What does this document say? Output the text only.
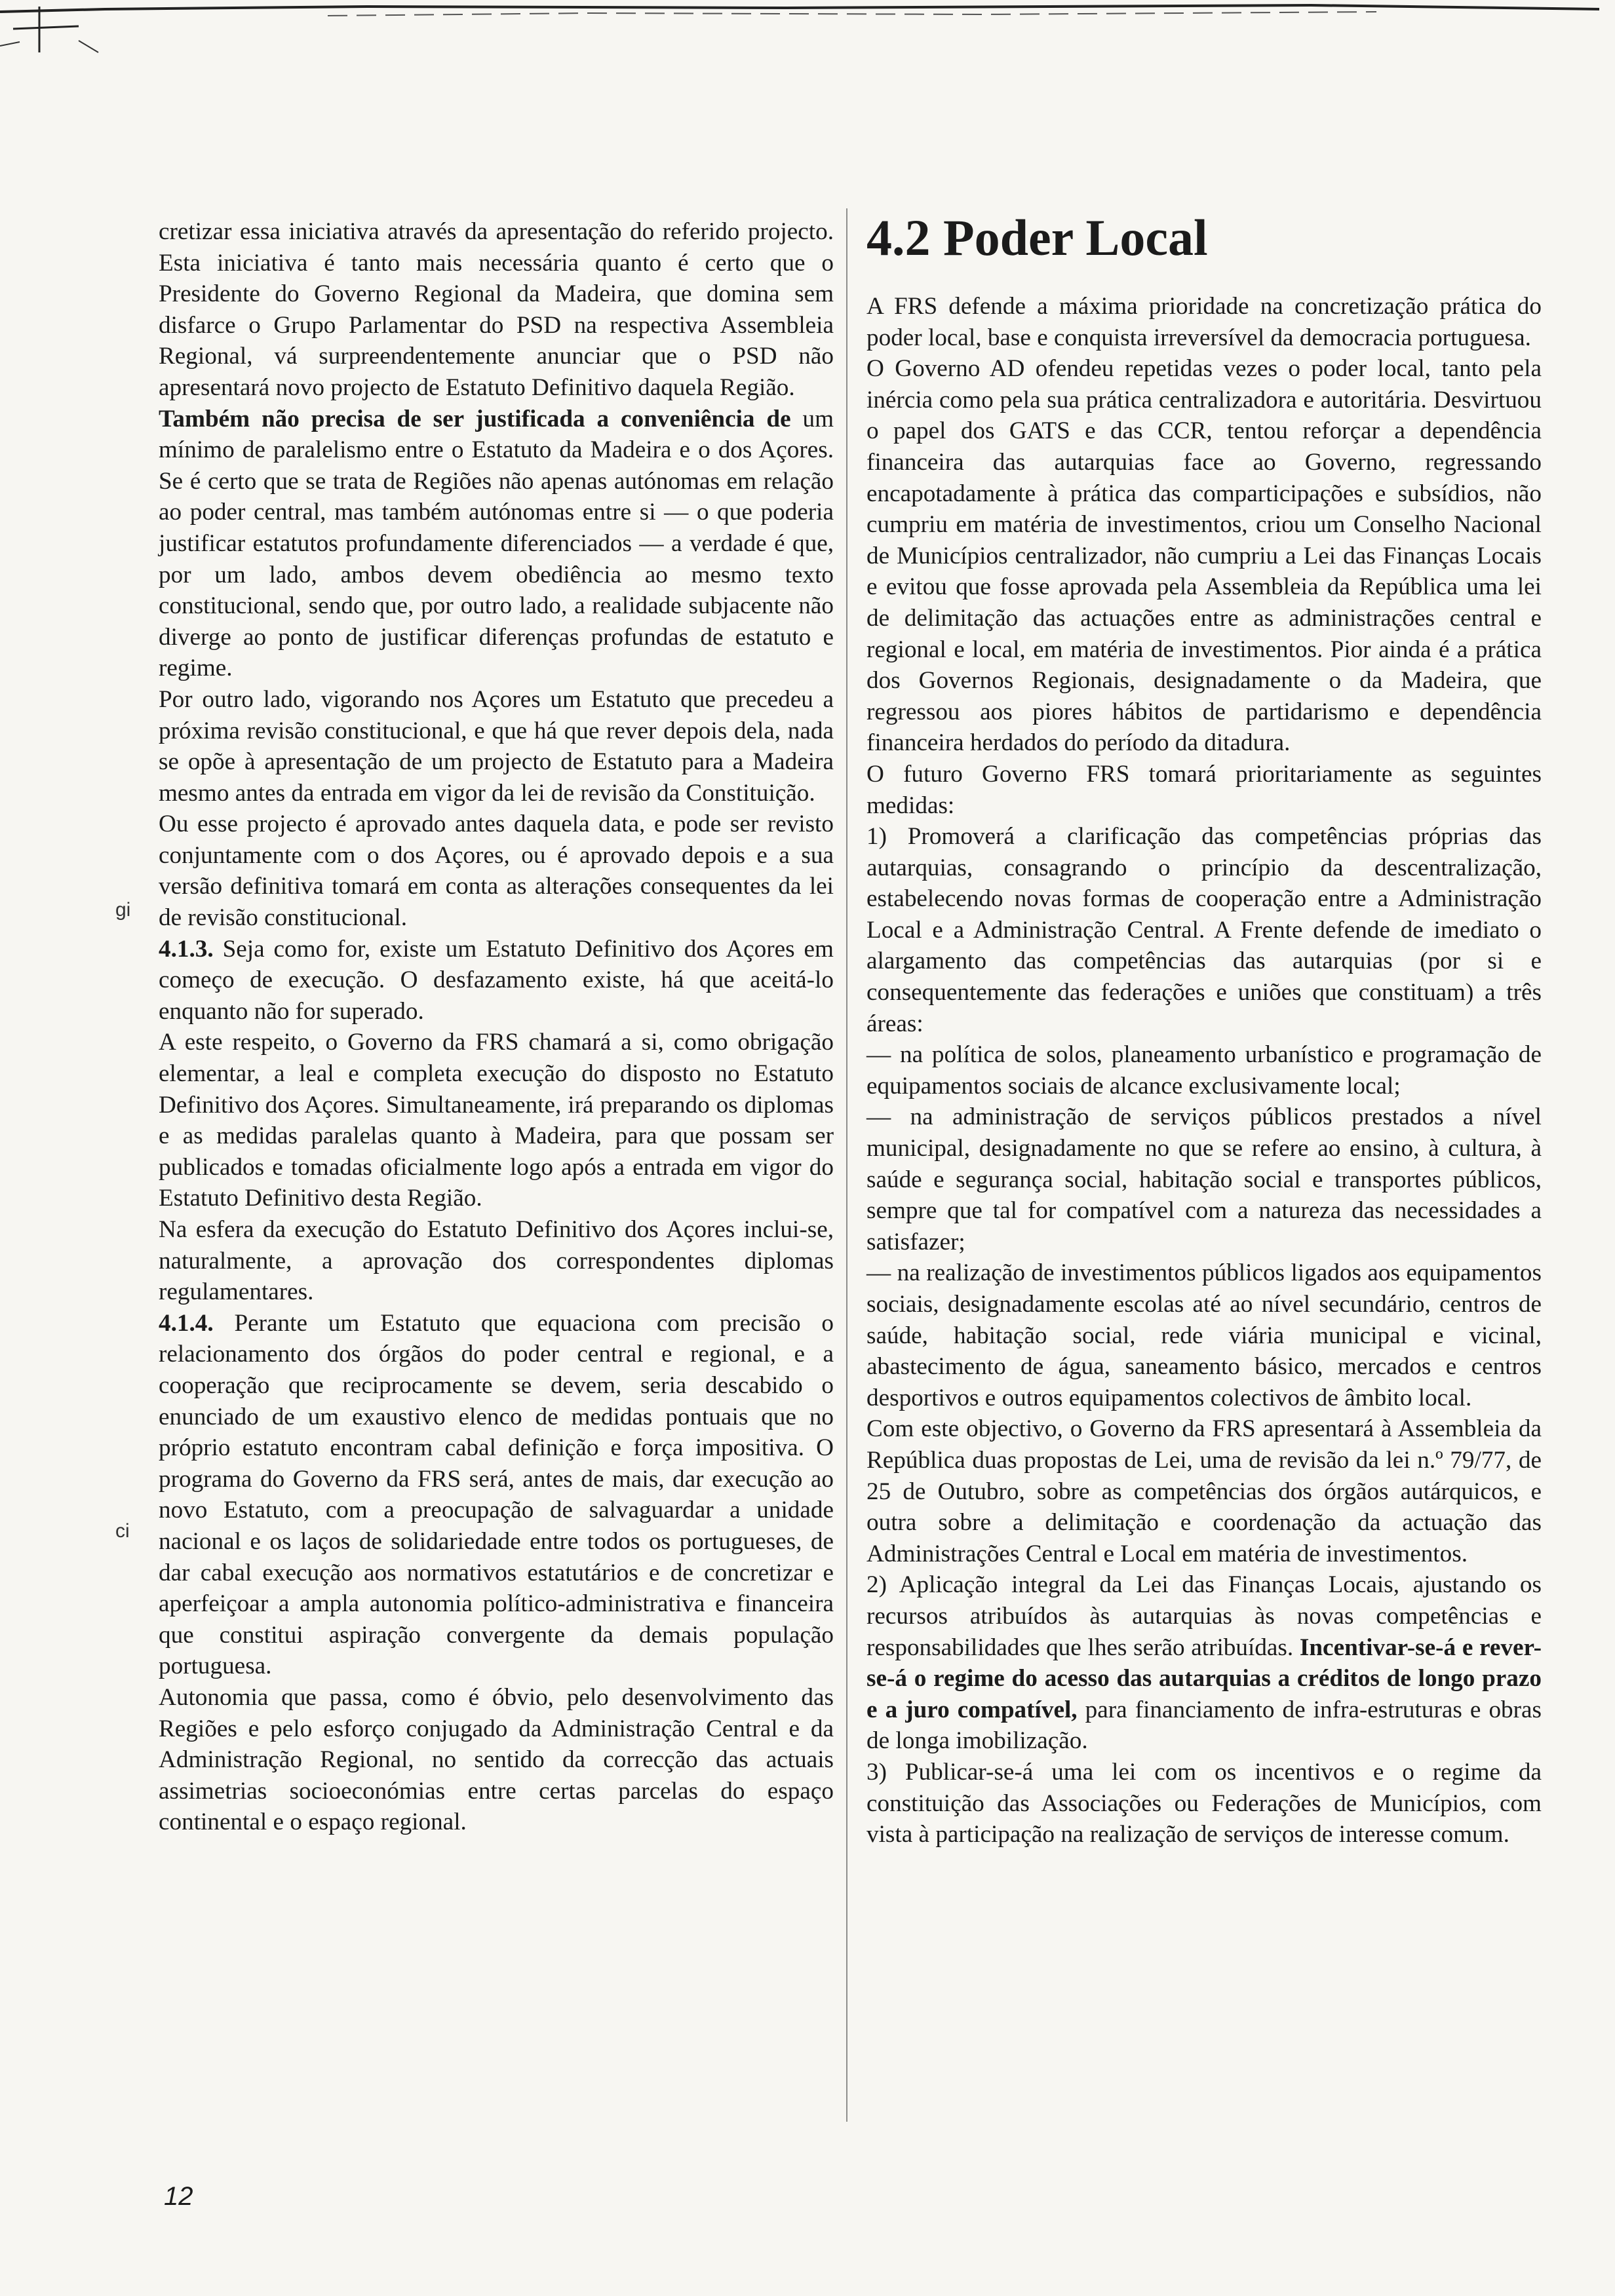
cretizar essa iniciativa através da apresentação do referido projecto. Esta iniciativa é tanto mais necessária quanto é certo que o Presidente do Governo Regional da Madeira, que domina sem disfarce o Grupo Parlamentar do PSD na respectiva Assembleia Regional, vá surpreendentemente anunciar que o PSD não apresentará novo projecto de Estatuto Definitivo daquela Região.

Também não precisa de ser justificada a conveniência de um mínimo de paralelismo entre o Estatuto da Madeira e o dos Açores. Se é certo que se trata de Regiões não apenas autónomas em relação ao poder central, mas também autónomas entre si — o que poderia justificar estatutos profundamente diferenciados — a verdade é que, por um lado, ambos devem obediência ao mesmo texto constitucional, sendo que, por outro lado, a realidade subjacente não diverge ao ponto de justificar diferenças profundas de estatuto e regime.

Por outro lado, vigorando nos Açores um Estatuto que precedeu a próxima revisão constitucional, e que há que rever depois dela, nada se opõe à apresentação de um projecto de Estatuto para a Madeira mesmo antes da entrada em vigor da lei de revisão da Constituição.

Ou esse projecto é aprovado antes daquela data, e pode ser revisto conjuntamente com o dos Açores, ou é aprovado depois e a sua versão definitiva tomará em conta as alterações consequentes da lei de revisão constitucional.

4.1.3. Seja como for, existe um Estatuto Definitivo dos Açores em começo de execução. O desfazamento existe, há que aceitá-lo enquanto não for superado.

A este respeito, o Governo da FRS chamará a si, como obrigação elementar, a leal e completa execução do disposto no Estatuto Definitivo dos Açores. Simultaneamente, irá preparando os diplomas e as medidas paralelas quanto à Madeira, para que possam ser publicados e tomadas oficialmente logo após a entrada em vigor do Estatuto Definitivo desta Região.

Na esfera da execução do Estatuto Definitivo dos Açores inclui-se, naturalmente, a aprovação dos correspondentes diplomas regulamentares.

4.1.4. Perante um Estatuto que equaciona com precisão o relacionamento dos órgãos do poder central e regional, e a cooperação que reciprocamente se devem, seria descabido o enunciado de um exaustivo elenco de medidas pontuais que no próprio estatuto encontram cabal definição e força impositiva. O programa do Governo da FRS será, antes de mais, dar execução ao novo Estatuto, com a preocupação de salvaguardar a unidade nacional e os laços de solidariedade entre todos os portugueses, de dar cabal execução aos normativos estatutários e de concretizar e aperfeiçoar a ampla autonomia político-administrativa e financeira que constitui aspiração convergente da demais população portuguesa.

Autonomia que passa, como é óbvio, pelo desenvolvimento das Regiões e pelo esforço conjugado da Administração Central e da Administração Regional, no sentido da correcção das actuais assimetrias socioeconómias entre certas parcelas do espaço continental e o espaço regional.

4.2 Poder Local

A FRS defende a máxima prioridade na concretização prática do poder local, base e conquista irreversível da democracia portuguesa.

O Governo AD ofendeu repetidas vezes o poder local, tanto pela inércia como pela sua prática centralizadora e autoritária. Desvirtuou o papel dos GATS e das CCR, tentou reforçar a dependência financeira das autarquias face ao Governo, regressando encapotadamente à prática das comparticipações e subsídios, não cumpriu em matéria de investimentos, criou um Conselho Nacional de Municípios centralizador, não cumpriu a Lei das Finanças Locais e evitou que fosse aprovada pela Assembleia da República uma lei de delimitação das actuações entre as administrações central e regional e local, em matéria de investimentos. Pior ainda é a prática dos Governos Regionais, designadamente o da Madeira, que regressou aos piores hábitos de partidarismo e dependência financeira herdados do período da ditadura.

O futuro Governo FRS tomará prioritariamente as seguintes medidas:

1) Promoverá a clarificação das competências próprias das autarquias, consagrando o princípio da descentralização, estabelecendo novas formas de cooperação entre a Administração Local e a Administração Central. A Frente defende de imediato o alargamento das competências das autarquias (por si e consequentemente das federações e uniões que constituam) a três áreas:

— na política de solos, planeamento urbanístico e programação de equipamentos sociais de alcance exclusivamente local;

— na administração de serviços públicos prestados a nível municipal, designadamente no que se refere ao ensino, à cultura, à saúde e segurança social, habitação social e transportes públicos, sempre que tal for compatível com a natureza das necessidades a satisfazer;

— na realização de investimentos públicos ligados aos equipamentos sociais, designadamente escolas até ao nível secundário, centros de saúde, habitação social, rede viária municipal e vicinal, abastecimento de água, saneamento básico, mercados e centros desportivos e outros equipamentos colectivos de âmbito local.

Com este objectivo, o Governo da FRS apresentará à Assembleia da República duas propostas de Lei, uma de revisão da lei n.º 79/77, de 25 de Outubro, sobre as competências dos órgãos autárquicos, e outra sobre a delimitação e coordenação da actuação das Administrações Central e Local em matéria de investimentos.

2) Aplicação integral da Lei das Finanças Locais, ajustando os recursos atribuídos às autarquias às novas competências e responsabilidades que lhes serão atribuídas. Incentivar-se-á e rever-se-á o regime do acesso das autarquias a créditos de longo prazo e a juro compatível, para financiamento de infra-estruturas e obras de longa imobilização.

3) Publicar-se-á uma lei com os incentivos e o regime da constituição das Associações ou Federações de Municípios, com vista à participação na realização de serviços de interesse comum.

gi
ci
12
